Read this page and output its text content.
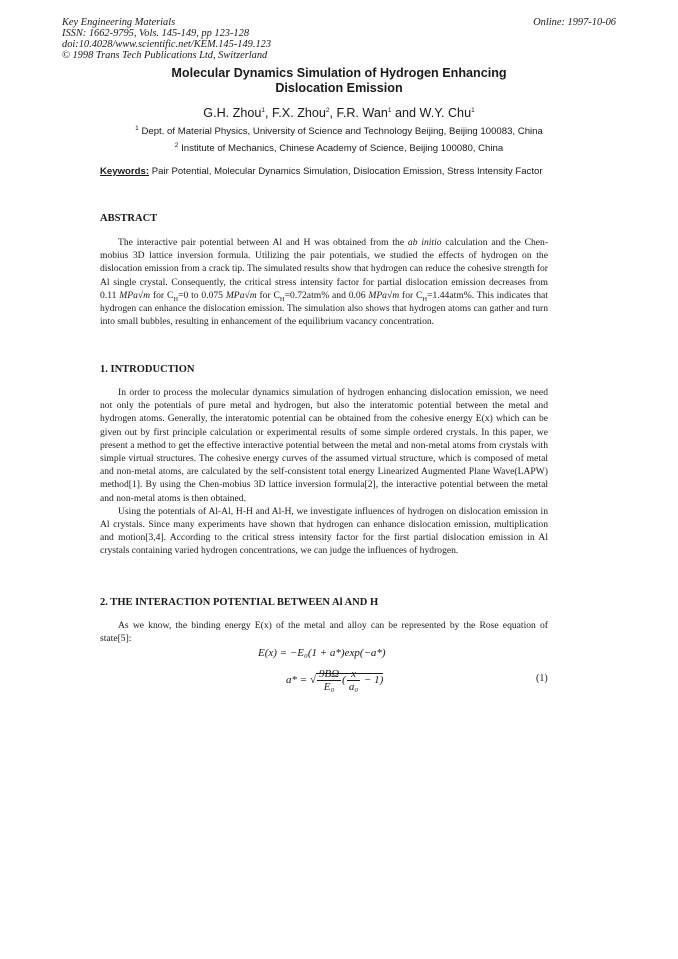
Key Engineering Materials
ISSN: 1662-9795, Vols. 145-149, pp 123-128
doi:10.4028/www.scientific.net/KEM.145-149.123
© 1998 Trans Tech Publications Ltd, Switzerland
Online: 1997-10-06
Molecular Dynamics Simulation of Hydrogen Enhancing
Dislocation Emission
G.H. Zhou$^1$, F.X. Zhou$^2$, F.R. Wan$^1$ and W.Y. Chu$^1$
$^1$ Dept. of Material Physics, University of Science and Technology Beijing, Beijing 100083, China
$^2$ Institute of Mechanics, Chinese Academy of Science, Beijing 100080, China
Keywords: Pair Potential, Molecular Dynamics Simulation, Dislocation Emission, Stress Intensity Factor
ABSTRACT

The interactive pair potential between Al and H was obtained from the ab initio calculation and the Chen-mobius 3D lattice inversion formula. Utilizing the pair potentials, we studied the effects of hydrogen on the dislocation emission from a crack tip. The simulated results show that hydrogen can reduce the cohesive strength for Al single crystal. Consequently, the critical stress intensity factor for partial dislocation emission decreases from 0.11 MPa√m for $C_H=0$ to 0.075 MPa√m for $C_H=0.72atm\%$ and 0.06 MPa√m for $C_H=1.44atm\%$. This indicates that hydrogen can enhance the dislocation emission. The simulation also shows that hydrogen atoms can gather and turn into small bubbles, resulting in enhancement of the equilibrium vacancy concentration.

1. INTRODUCTION

In order to process the molecular dynamics simulation of hydrogen enhancing dislocation emission, we need not only the potentials of pure metal and hydrogen, but also the interatomic potential between the metal and hydrogen atoms. Generally, the interatomic potential can be obtained from the cohesive energy E(x) which can be given out by first principle calculation or experimental results of some simple ordered crystals. In this paper, we present a method to get the effective interactive potential between the metal and non-metal atoms from crystals with simple virtual structures. The cohesive energy curves of the assumed virtual structure, which is composed of metal and non-metal atoms, are calculated by the self-consistent total energy Linearized Augmented Plane Wave(LAPW) method[1]. By using the Chen-mobius 3D lattice inversion formula[2], the interactive potential between the metal and non-metal atoms is then obtained.

Using the potentials of Al-Al, H-H and Al-H, we investigate influences of hydrogen on dislocation emission in Al crystals. Since many experiments have shown that hydrogen can enhance dislocation emission, multiplication and motion[3,4]. According to the critical stress intensity factor for the first partial dislocation emission in Al crystals containing varied hydrogen concentrations, we can judge the influences of hydrogen.

2. THE INTERACTION POTENTIAL BETWEEN Al AND H

As we know, the binding energy E(x) of the metal and alloy can be represented by the Rose equation of state[5]:

E(x) = −E₀(1 + a*)exp(−a*)
a* = √ $\frac{9B\Omega}{\text{E₀}}$ ( $\frac{x}{\text{a₀}} - 1$)	(1)
